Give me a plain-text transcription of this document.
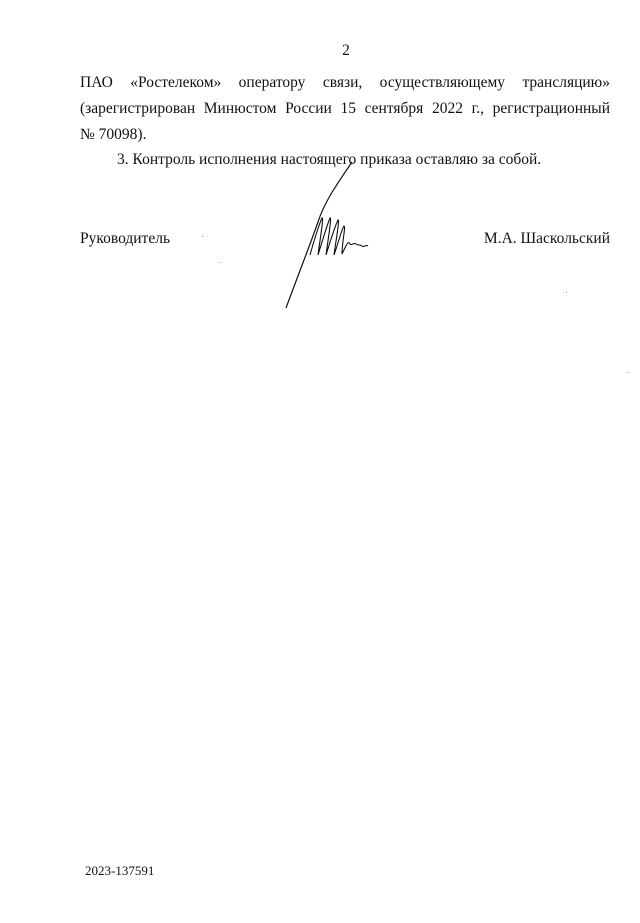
2
ПАО «Ростелеком» оператору связи, осуществляющему трансляцию»
(зарегистрирован Минюстом России 15 сентября 2022 г., регистрационный
№ 70098).
3. Контроль исполнения настоящего приказа оставляю за собой.
Руководитель	М.А. Шаскольский
2023-137591
